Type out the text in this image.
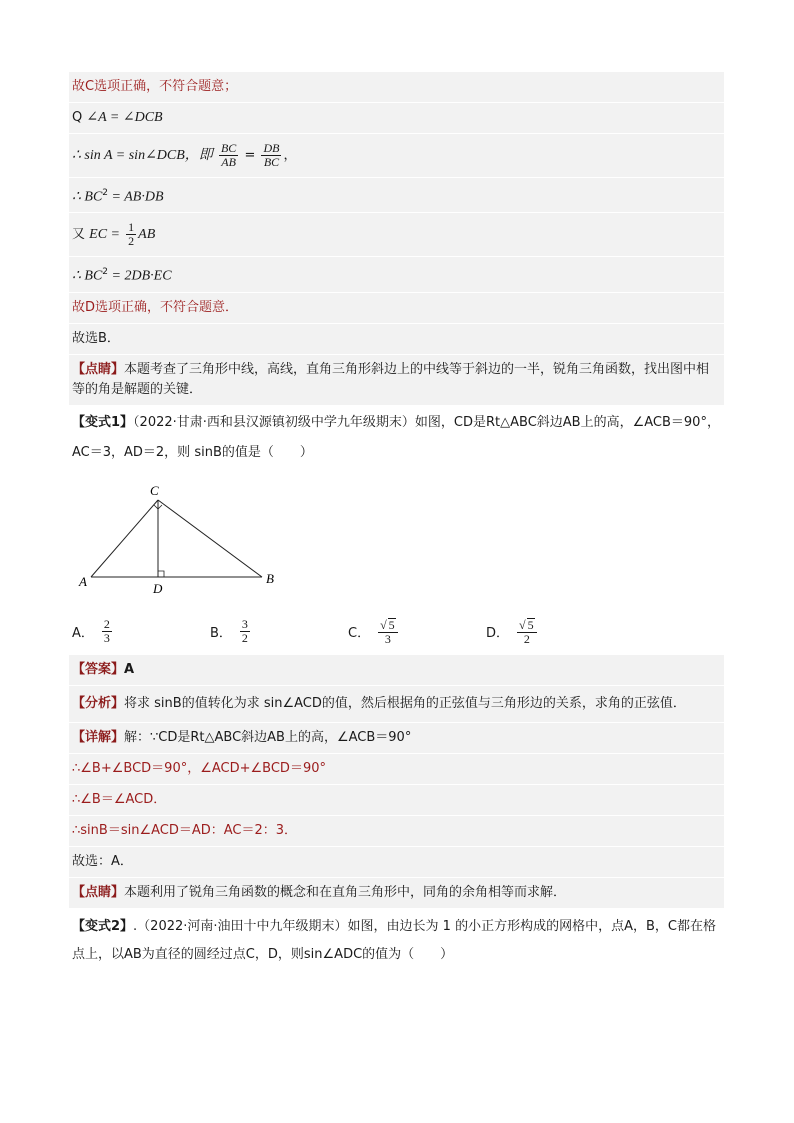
故C选项正确，不符合题意；
Q ∠A = ∠DCB
∴ sin A = sin∠DCB，即 $\frac{BC}{AB} = \frac{DB}{BC}$ ，
∴ $BC^2 = AB\cdot DB$
又 EC = $\frac{1}{2}$ AB
∴ $BC^2 = 2DB\cdot EC$
故D选项正确，不符合题意．
故选B．
【点睛】本题考查了三角形中线，高线，直角三角形斜边上的中线等于斜边的一半，锐角三角函数，找出图中相等的角是解题的关键．
【变式1】（2022·甘肃·西和县汉源镇初级中学九年级期末）如图，CD是Rt△ABC斜边AB上的高，∠ACB＝90°，AC＝3，AD＝2，则 sinB的值是（　　）
C
A	D
B
A． $\frac{2}{3}$	B． $\frac{3}{2}$	C． $\frac{√ 5}{3}$	D． $\frac{√ 5}{2}$
【答案】A
【分析】将求 sinB的值转化为求 sin∠ACD的值，然后根据角的正弦值与三角形边的关系，求角的正弦值．
【详解】解：∵CD是Rt△ABC斜边AB上的高，∠ACB＝90°
∴∠B+∠BCD＝90°，∠ACD+∠BCD＝90°
∴∠B＝∠ACD．
∴sinB＝sin∠ACD＝AD：AC＝2：3．
故选：A．
【点睛】本题利用了锐角三角函数的概念和在直角三角形中，同角的余角相等而求解．
【变式2】.（2022·河南·油田十中九年级期末）如图，由边长为 1 的小正方形构成的网格中，点A，B，C都在格点上，以AB为直径的圆经过点C，D，则sin∠ADC的值为（　　）
